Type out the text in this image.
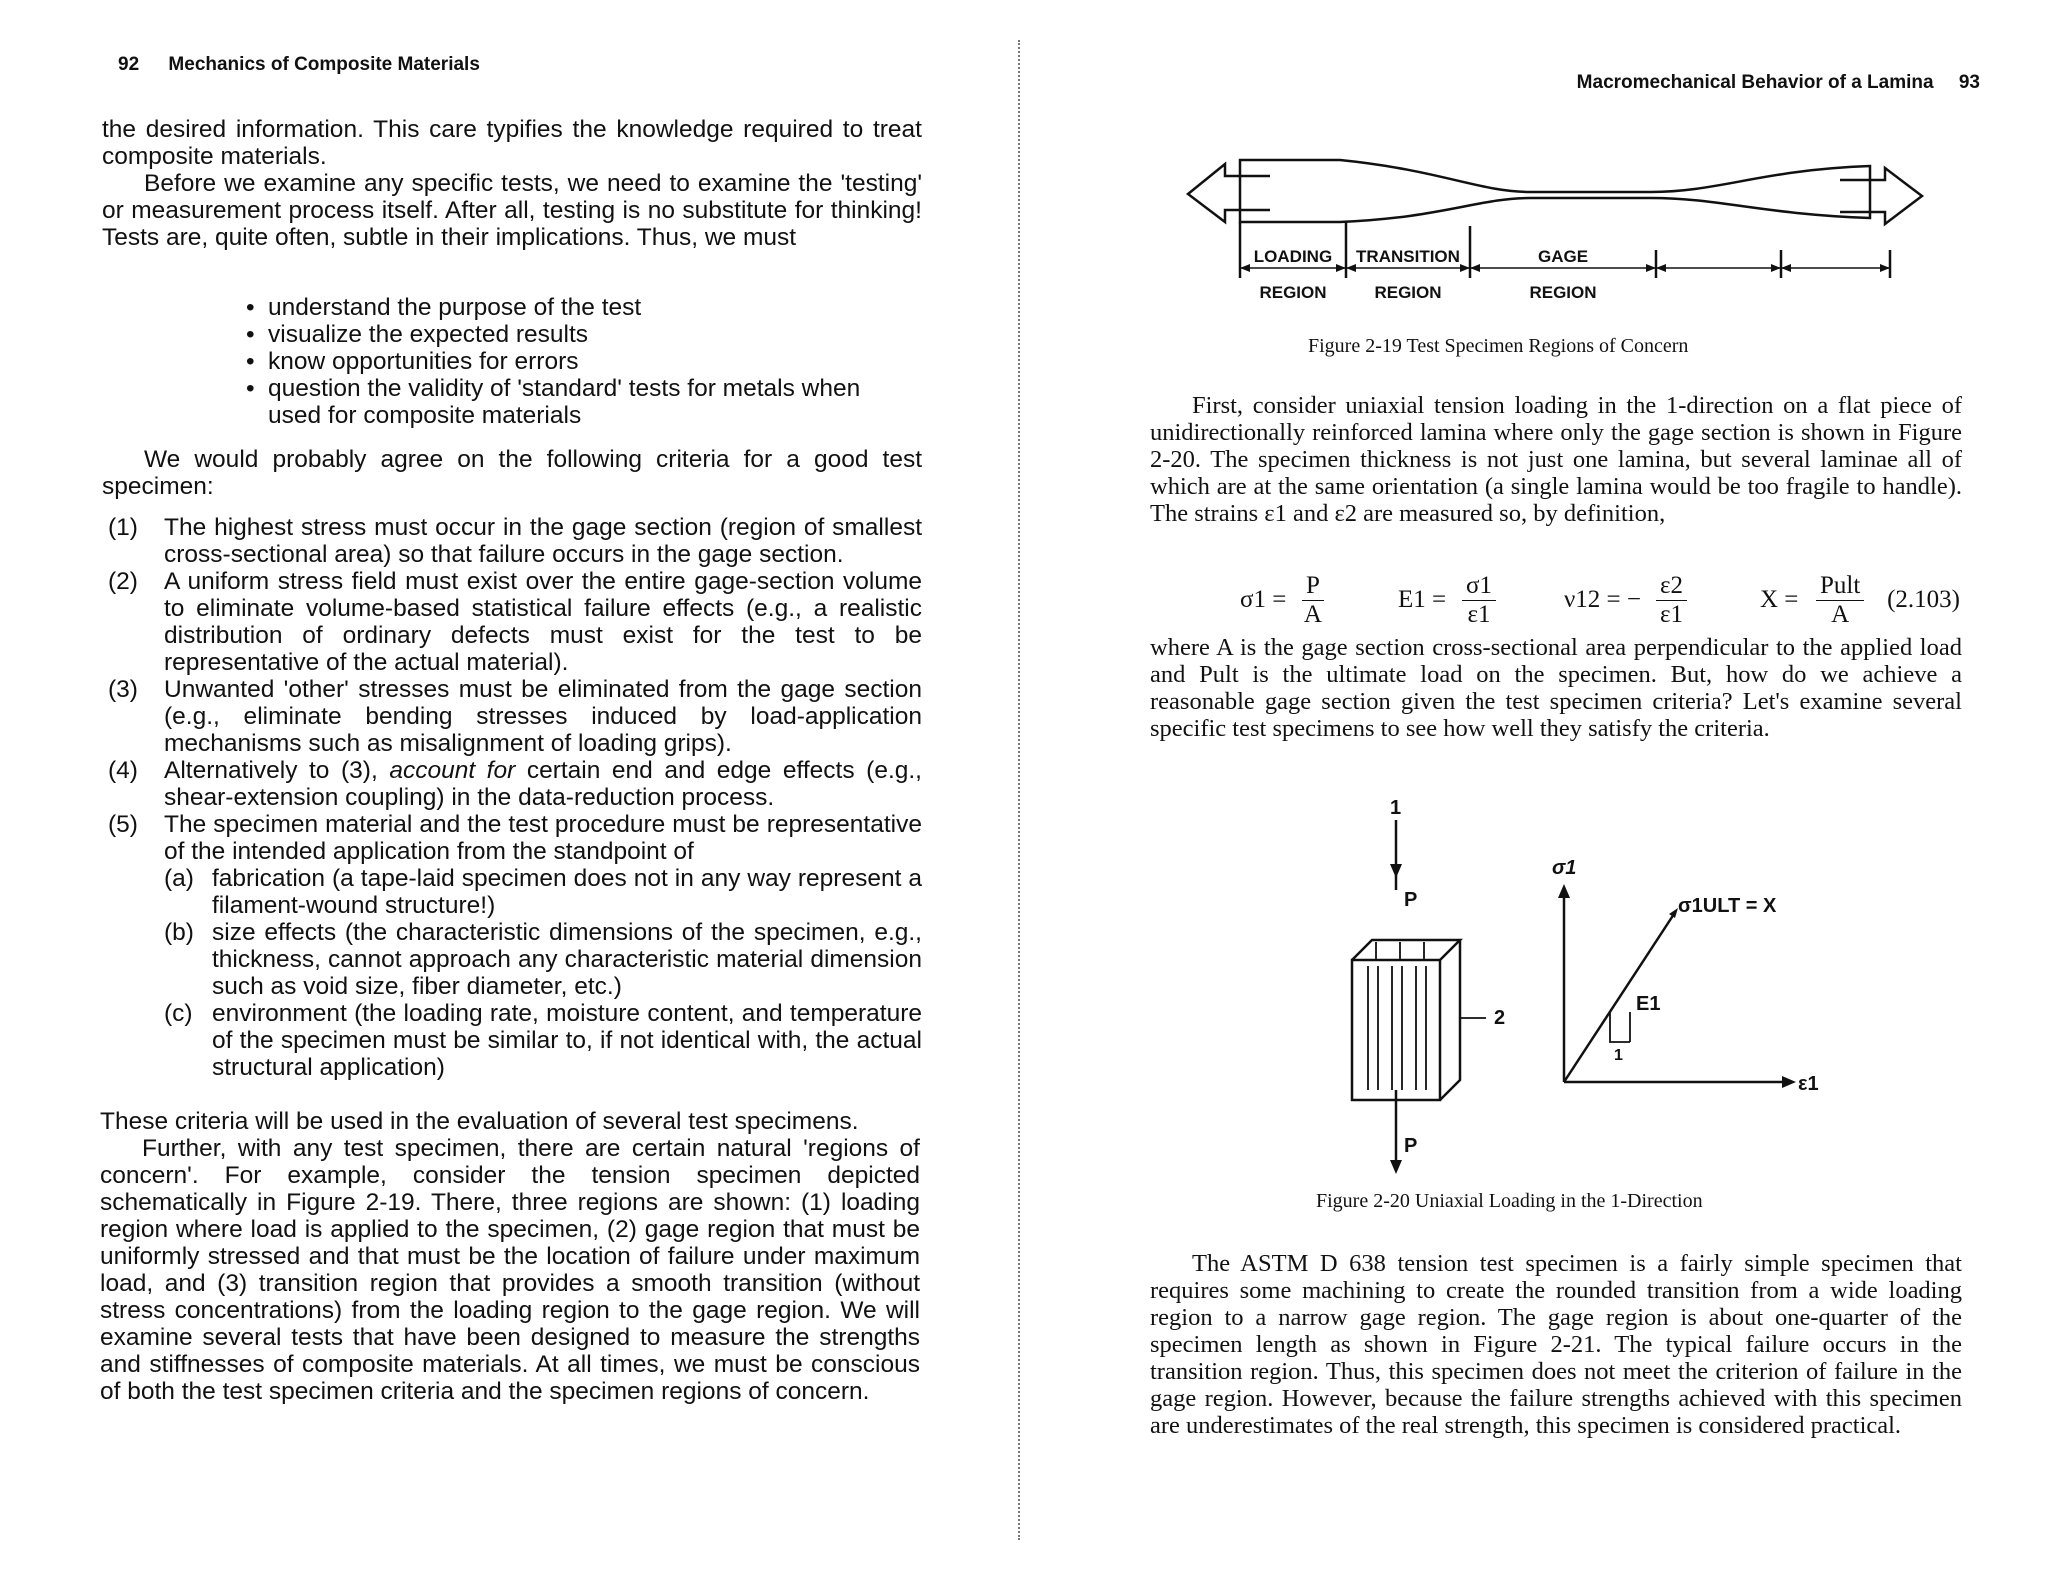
92 Mechanics of Composite Materials

the desired information. This care typifies the knowledge required to treat composite materials.

Before we examine any specific tests, we need to examine the 'testing' or measurement process itself. After all, testing is no substitute for thinking! Tests are, quite often, subtle in their implications. Thus, we must

• understand the purpose of the test
• visualize the expected results
• know opportunities for errors
• question the validity of 'standard' tests for metals when used for composite materials

We would probably agree on the following criteria for a good test specimen:

(1) The highest stress must occur in the gage section (region of smallest cross-sectional area) so that failure occurs in the gage section.
(2) A uniform stress field must exist over the entire gage-section volume to eliminate volume-based statistical failure effects (e.g., a realistic distribution of ordinary defects must exist for the test to be representative of the actual material).
(3) Unwanted 'other' stresses must be eliminated from the gage section (e.g., eliminate bending stresses induced by load-application mechanisms such as misalignment of loading grips).
(4) Alternatively to (3), account for certain end and edge effects (e.g., shear-extension coupling) in the data-reduction process.
(5) The specimen material and the test procedure must be representative of the intended application from the standpoint of
(a) fabrication (a tape-laid specimen does not in any way represent a filament-wound structure!)
(b) size effects (the characteristic dimensions of the specimen, e.g., thickness, cannot approach any characteristic material dimension such as void size, fiber diameter, etc.)
(c) environment (the loading rate, moisture content, and temperature of the specimen must be similar to, if not identical with, the actual structural application)

These criteria will be used in the evaluation of several test specimens.

Further, with any test specimen, there are certain natural 'regions of concern'. For example, consider the tension specimen depicted schematically in Figure 2-19. There, three regions are shown: (1) loading region where load is applied to the specimen, (2) gage region that must be uniformly stressed and that must be the location of failure under maximum load, and (3) transition region that provides a smooth transition (without stress concentrations) from the loading region to the gage region. We will examine several tests that have been designed to measure the strengths and stiffnesses of composite materials. At all times, we must be conscious of both the test specimen criteria and the specimen regions of concern.

Macromechanical Behavior of a Lamina 93
LOADING TRANSITION	GAGE
REGION	REGION	REGION
Figure 2-19 Test Specimen Regions of Concern

First, consider uniaxial tension loading in the 1-direction on a flat piece of unidirectionally reinforced lamina where only the gage section is shown in Figure 2-20. The specimen thickness is not just one lamina, but several laminae all of which are at the same orientation (a single lamina would be too fragile to handle). The strains ε1 and ε2 are measured so, by definition,

$\sigma 1 = \frac{P}{A}$	$E1 = \frac{\sigma 1}{\varepsilon 1}$	ν12 = − $\frac{\varepsilon 2}{\varepsilon 1}$	X =
Pult
A
(2.103)

where A is the gage section cross-sectional area perpendicular to the applied load and Pult is the ultimate load on the specimen. But, how do we achieve a reasonable gage section given the test specimen criteria? Let's examine several specific test specimens to see how well they satisfy the criteria.

1
2
P
P
σ1
σ1ULT = X
E1
1
ε1
Figure 2-20 Uniaxial Loading in the 1-Direction

The ASTM D 638 tension test specimen is a fairly simple specimen that requires some machining to create the rounded transition from a wide loading region to a narrow gage region. The gage region is about one-quarter of the specimen length as shown in Figure 2-21. The typical failure occurs in the transition region. Thus, this specimen does not meet the criterion of failure in the gage region. However, because the failure strengths achieved with this specimen are underestimates of the real strength, this specimen is considered practical.
